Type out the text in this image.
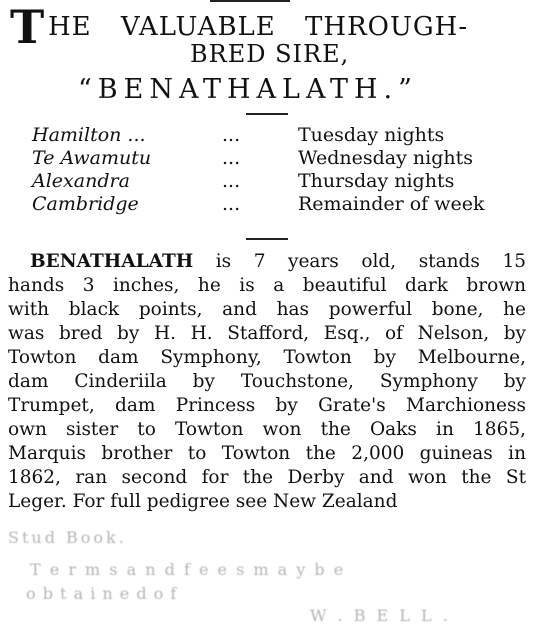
T HE VALUABLE THROUGH-
BRED SIRE,
“BENATHALATH.”
Hamilton ...	...	Tuesday nights
Te Awamutu	...	Wednesday nights
Alexandra	...	Thursday nights
Cambridge	...	Remainder of week
BENATHALATH is 7 years old, stands 15
hands 3 inches, he is a beautiful dark brown
with black points, and has powerful bone, he
was bred by H. H. Stafford, Esq., of Nelson, by
Towton dam Symphony, Towton by Melbourne,
dam Cinderiila by Touchstone, Symphony by
Trumpet, dam Princess by Grate's Marchioness
own sister to Towton won the Oaks in 1865,
Marquis brother to Towton the 2,000 guineas in
1862, ran second for the Derby and won the St
Leger. For full pedigree see New Zealand
Stud Book.
T e r m s a n d f e e s m a y b e
o b t a i n e d o f
W . B E L L .
